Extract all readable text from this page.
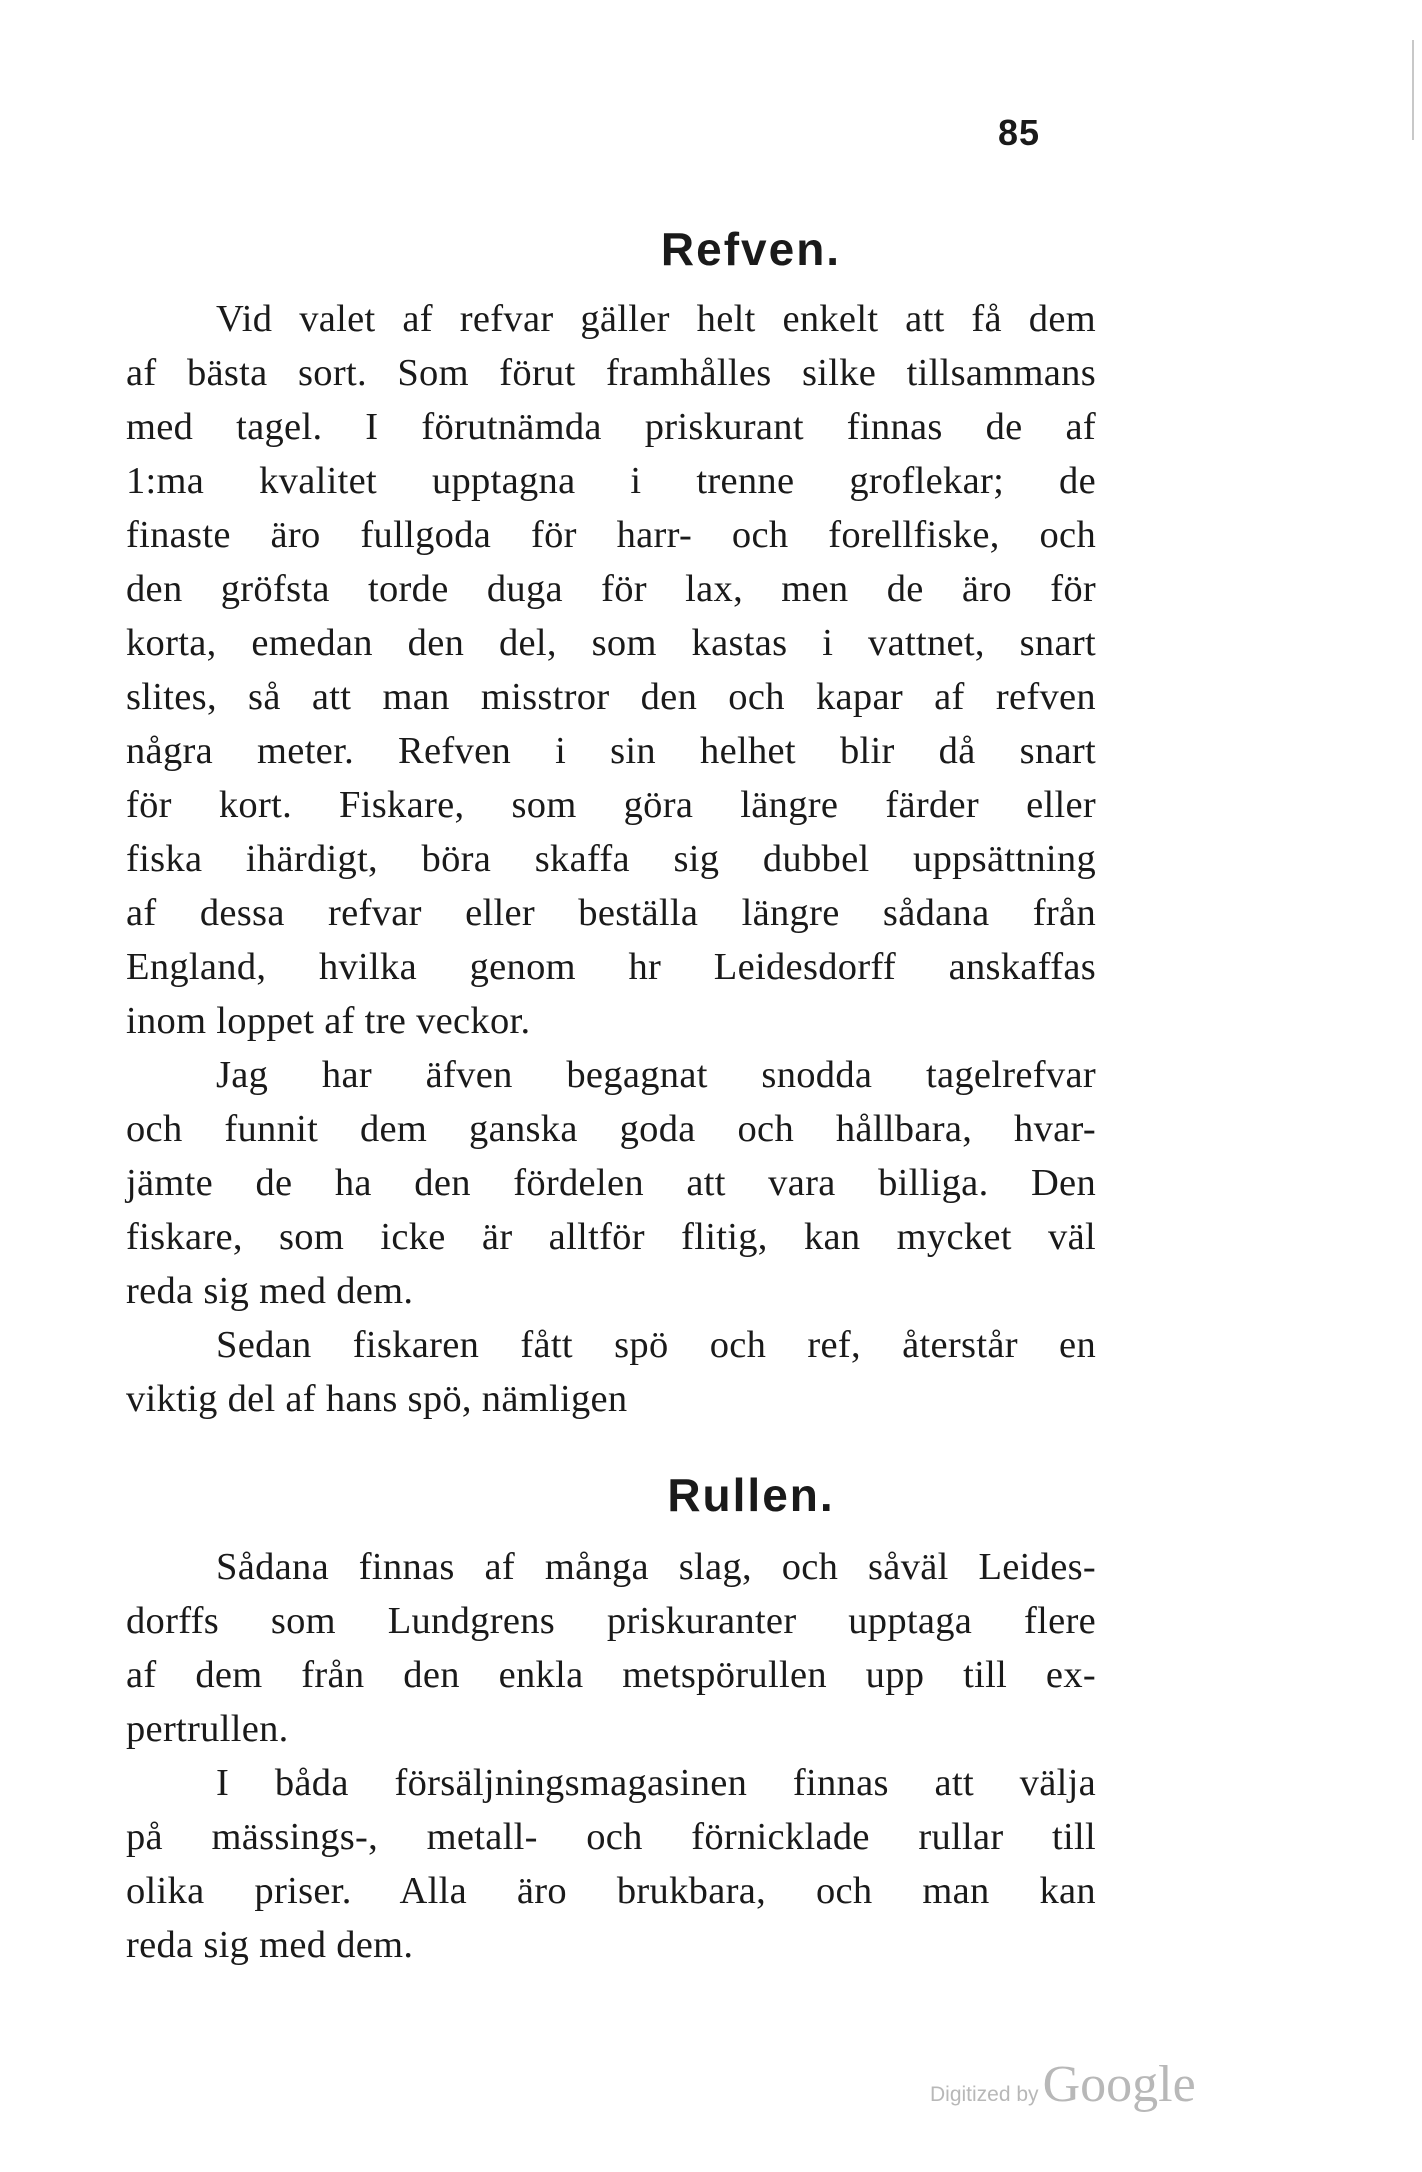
85
Refven.
Vid valet af refvar gäller helt enkelt att få dem
af bästa sort. Som förut framhålles silke tillsammans
med tagel. I förutnämda priskurant finnas de af
1:ma kvalitet upptagna i trenne groflekar; de
finaste äro fullgoda för harr- och forellfiske, och
den gröfsta torde duga för lax, men de äro för
korta, emedan den del, som kastas i vattnet, snart
slites, så att man misstror den och kapar af refven
några meter. Refven i sin helhet blir då snart
för kort. Fiskare, som göra längre färder eller
fiska ihärdigt, böra skaffa sig dubbel uppsättning
af dessa refvar eller beställa längre sådana från
England, hvilka genom hr Leidesdorff anskaffas
inom loppet af tre veckor.
Jag har äfven begagnat snodda tagelrefvar
och funnit dem ganska goda och hållbara, hvar-
jämte de ha den fördelen att vara billiga. Den
fiskare, som icke är alltför flitig, kan mycket väl
reda sig med dem.
Sedan fiskaren fått spö och ref, återstår en
viktig del af hans spö, nämligen
Rullen.
Sådana finnas af många slag, och såväl Leides-
dorffs som Lundgrens priskuranter upptaga flere
af dem från den enkla metspörullen upp till ex-
pertrullen.
I båda försäljningsmagasinen finnas att välja
på mässings-, metall- och förnicklade rullar till
olika priser. Alla äro brukbara, och man kan
reda sig med dem.
Digitized by Google
